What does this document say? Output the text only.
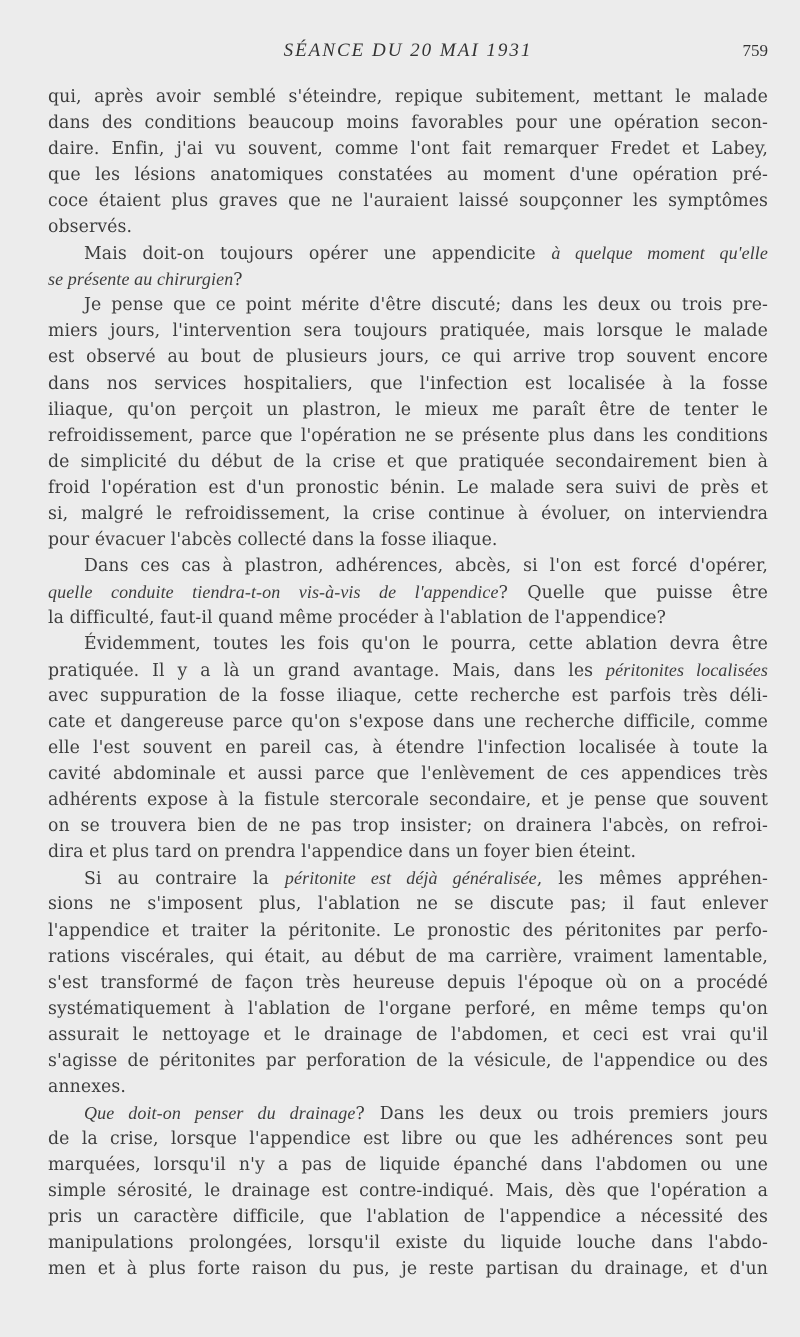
SÉANCE DU 20 MAI 1931	759
qui, après avoir semblé s'éteindre, repique subitement, mettant le malade
dans des conditions beaucoup moins favorables pour une opération secon-
daire. Enfin, j'ai vu souvent, comme l'ont fait remarquer Fredet et Labey,
que les lésions anatomiques constatées au moment d'une opération pré-
coce étaient plus graves que ne l'auraient laissé soupçonner les symptômes
observés.
Mais doit-on toujours opérer une appendicite à quelque moment qu'elle
se présente au chirurgien?
Je pense que ce point mérite d'être discuté; dans les deux ou trois pre-
miers jours, l'intervention sera toujours pratiquée, mais lorsque le malade
est observé au bout de plusieurs jours, ce qui arrive trop souvent encore
dans nos services hospitaliers, que l'infection est localisée à la fosse
iliaque, qu'on perçoit un plastron, le mieux me paraît être de tenter le
refroidissement, parce que l'opération ne se présente plus dans les conditions
de simplicité du début de la crise et que pratiquée secondairement bien à
froid l'opération est d'un pronostic bénin. Le malade sera suivi de près et
si, malgré le refroidissement, la crise continue à évoluer, on interviendra
pour évacuer l'abcès collecté dans la fosse iliaque.
Dans ces cas à plastron, adhérences, abcès, si l'on est forcé d'opérer,
quelle conduite tiendra-t-on vis-à-vis de l'appendice? Quelle que puisse être
la difficulté, faut-il quand même procéder à l'ablation de l'appendice?
Évidemment, toutes les fois qu'on le pourra, cette ablation devra être
pratiquée. Il y a là un grand avantage. Mais, dans les péritonites localisées
avec suppuration de la fosse iliaque, cette recherche est parfois très déli-
cate et dangereuse parce qu'on s'expose dans une recherche difficile, comme
elle l'est souvent en pareil cas, à étendre l'infection localisée à toute la
cavité abdominale et aussi parce que l'enlèvement de ces appendices très
adhérents expose à la fistule stercorale secondaire, et je pense que souvent
on se trouvera bien de ne pas trop insister; on drainera l'abcès, on refroi-
dira et plus tard on prendra l'appendice dans un foyer bien éteint.
Si au contraire la péritonite est déjà généralisée, les mêmes appréhen-
sions ne s'imposent plus, l'ablation ne se discute pas; il faut enlever
l'appendice et traiter la péritonite. Le pronostic des péritonites par perfo-
rations viscérales, qui était, au début de ma carrière, vraiment lamentable,
s'est transformé de façon très heureuse depuis l'époque où on a procédé
systématiquement à l'ablation de l'organe perforé, en même temps qu'on
assurait le nettoyage et le drainage de l'abdomen, et ceci est vrai qu'il
s'agisse de péritonites par perforation de la vésicule, de l'appendice ou des
annexes.
Que doit-on penser du drainage? Dans les deux ou trois premiers jours
de la crise, lorsque l'appendice est libre ou que les adhérences sont peu
marquées, lorsqu'il n'y a pas de liquide épanché dans l'abdomen ou une
simple sérosité, le drainage est contre-indiqué. Mais, dès que l'opération a
pris un caractère difficile, que l'ablation de l'appendice a nécessité des
manipulations prolongées, lorsqu'il existe du liquide louche dans l'abdo-
men et à plus forte raison du pus, je reste partisan du drainage, et d'un
